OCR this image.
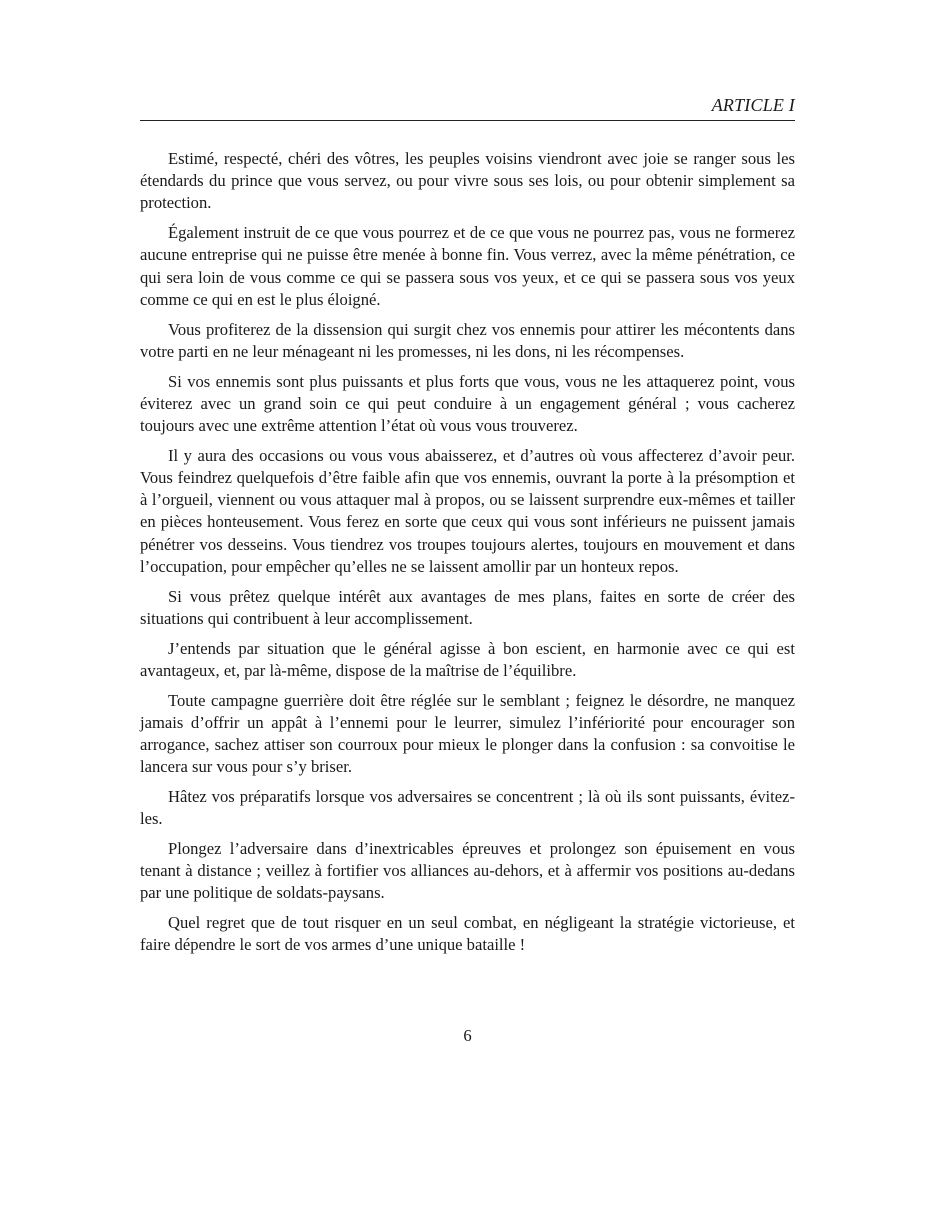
ARTICLE I

Estimé, respecté, chéri des vôtres, les peuples voisins viendront avec joie se ranger sous les étendards du prince que vous servez, ou pour vivre sous ses lois, ou pour obtenir simplement sa protection.

Également instruit de ce que vous pourrez et de ce que vous ne pourrez pas, vous ne formerez aucune entreprise qui ne puisse être menée à bonne fin. Vous verrez, avec la même pénétration, ce qui sera loin de vous comme ce qui se passera sous vos yeux, et ce qui se passera sous vos yeux comme ce qui en est le plus éloigné.

Vous profiterez de la dissension qui surgit chez vos ennemis pour attirer les mécontents dans votre parti en ne leur ménageant ni les promesses, ni les dons, ni les récompenses.

Si vos ennemis sont plus puissants et plus forts que vous, vous ne les attaquerez point, vous éviterez avec un grand soin ce qui peut conduire à un engagement général ; vous cacherez toujours avec une extrême attention l’état où vous vous trouverez.

Il y aura des occasions ou vous vous abaisserez, et d’autres où vous affecterez d’avoir peur. Vous feindrez quelquefois d’être faible afin que vos ennemis, ouvrant la porte à la présomption et à l’orgueil, viennent ou vous attaquer mal à propos, ou se laissent surprendre eux-mêmes et tailler en pièces honteusement. Vous ferez en sorte que ceux qui vous sont inférieurs ne puissent jamais pénétrer vos desseins. Vous tiendrez vos troupes toujours alertes, toujours en mouvement et dans l’occupation, pour empêcher qu’elles ne se laissent amollir par un honteux repos.

Si vous prêtez quelque intérêt aux avantages de mes plans, faites en sorte de créer des situations qui contribuent à leur accomplissement.

J’entends par situation que le général agisse à bon escient, en harmonie avec ce qui est avantageux, et, par là-même, dispose de la maîtrise de l’équilibre.

Toute campagne guerrière doit être réglée sur le semblant ; feignez le désordre, ne manquez jamais d’offrir un appât à l’ennemi pour le leurrer, simulez l’infériorité pour encourager son arrogance, sachez attiser son courroux pour mieux le plonger dans la confusion : sa convoitise le lancera sur vous pour s’y briser.

Hâtez vos préparatifs lorsque vos adversaires se concentrent ; là où ils sont puissants, évitez-les.

Plongez l’adversaire dans d’inextricables épreuves et prolongez son épuisement en vous tenant à distance ; veillez à fortifier vos alliances au-dehors, et à affermir vos positions au-dedans par une politique de soldats-paysans.

Quel regret que de tout risquer en un seul combat, en négligeant la stratégie victorieuse, et faire dépendre le sort de vos armes d’une unique bataille !

6
